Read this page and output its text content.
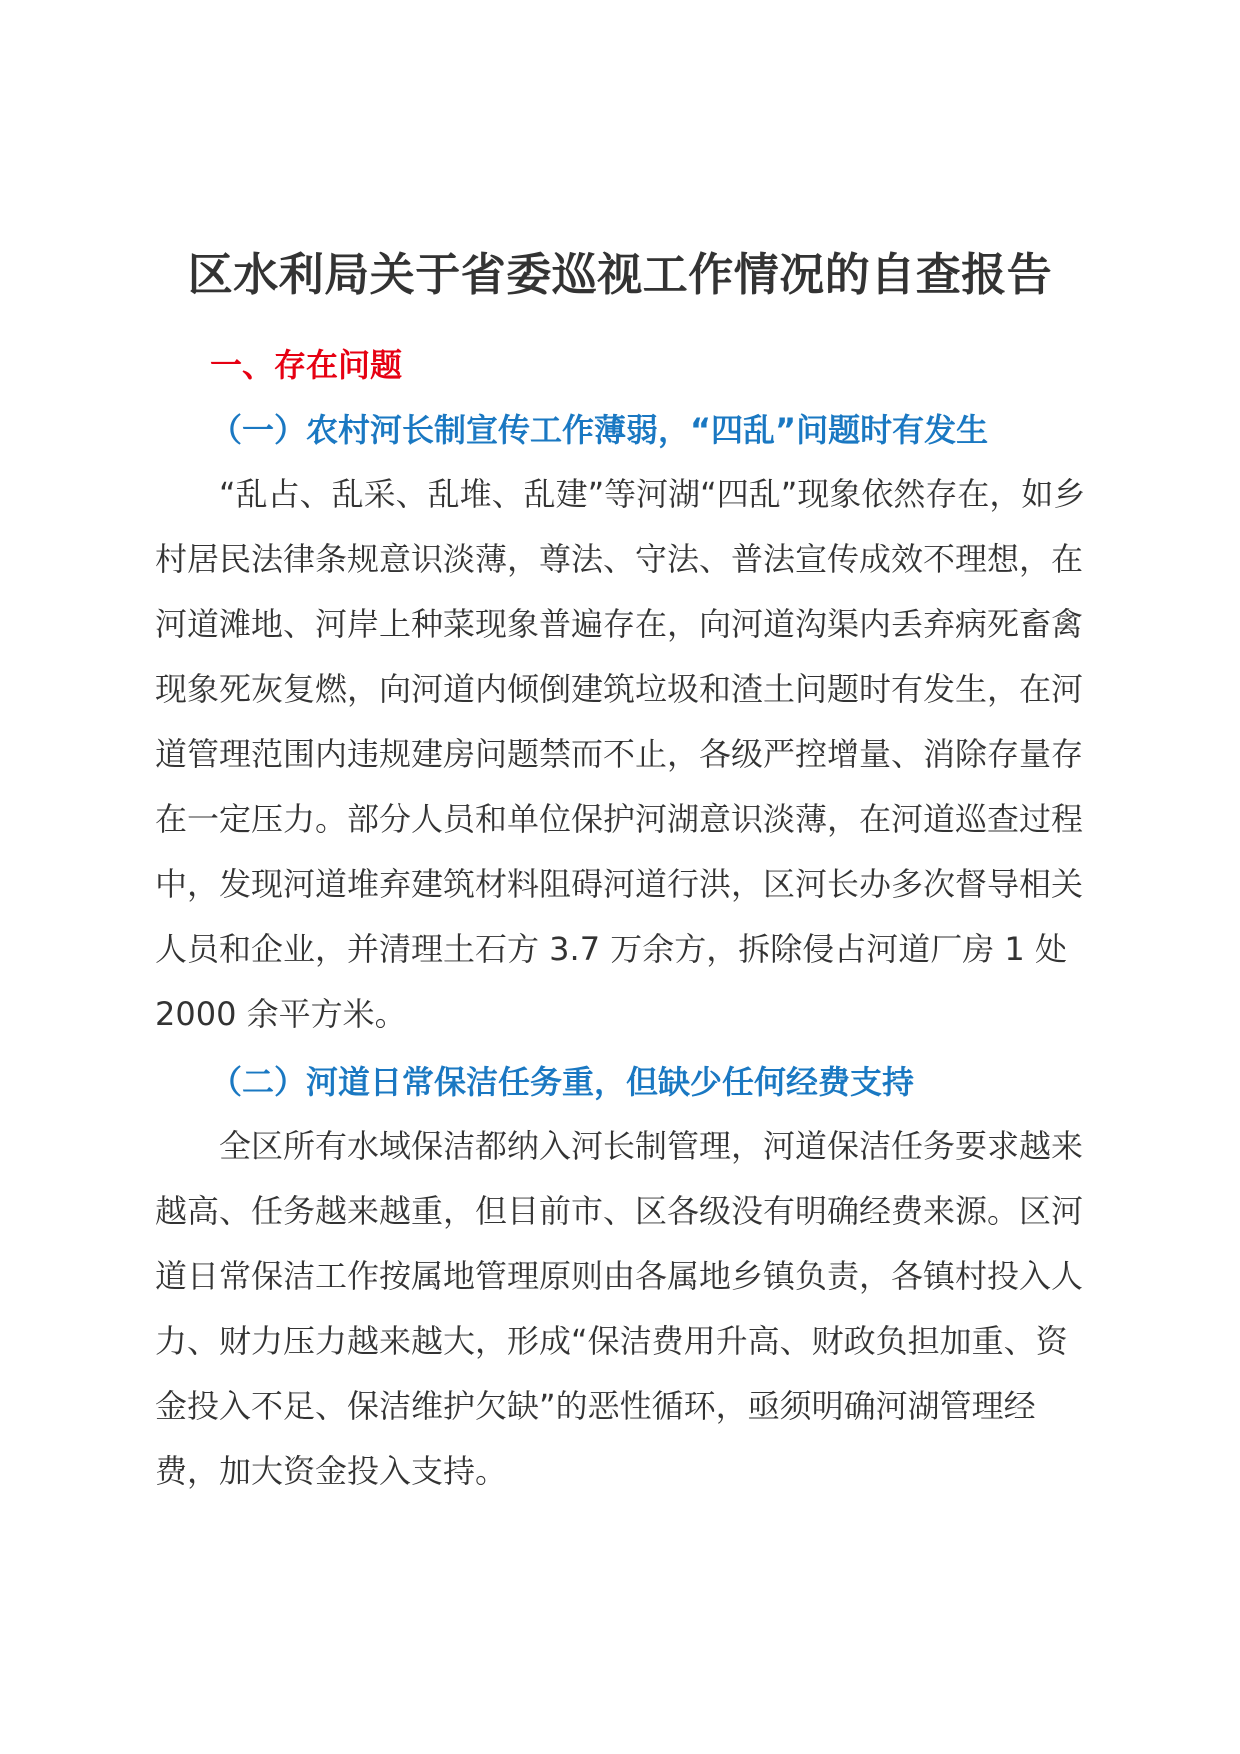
区水利局关于省委巡视工作情况的自查报告
一、存在问题
（一）农村河长制宣传工作薄弱，“四乱”问题时有发生

“乱占、乱采、乱堆、乱建”等河湖“四乱”现象依然存在，如乡村居民法律条规意识淡薄，尊法、守法、普法宣传成效不理想，在河道滩地、河岸上种菜现象普遍存在，向河道沟渠内丢弃病死畜禽现象死灰复燃，向河道内倾倒建筑垃圾和渣土问题时有发生，在河道管理范围内违规建房问题禁而不止，各级严控增量、消除存量存在一定压力。部分人员和单位保护河湖意识淡薄，在河道巡查过程中，发现河道堆弃建筑材料阻碍河道行洪，区河长办多次督导相关人员和企业，并清理土石方 3.7 万余方，拆除侵占河道厂房 1 处 2000 余平方米。

（二）河道日常保洁任务重，但缺少任何经费支持

全区所有水域保洁都纳入河长制管理，河道保洁任务要求越来越高、任务越来越重，但目前市、区各级没有明确经费来源。区河道日常保洁工作按属地管理原则由各属地乡镇负责，各镇村投入人力、财力压力越来越大，形成“保洁费用升高、财政负担加重、资金投入不足、保洁维护欠缺”的恶性循环，亟须明确河湖管理经费，加大资金投入支持。
